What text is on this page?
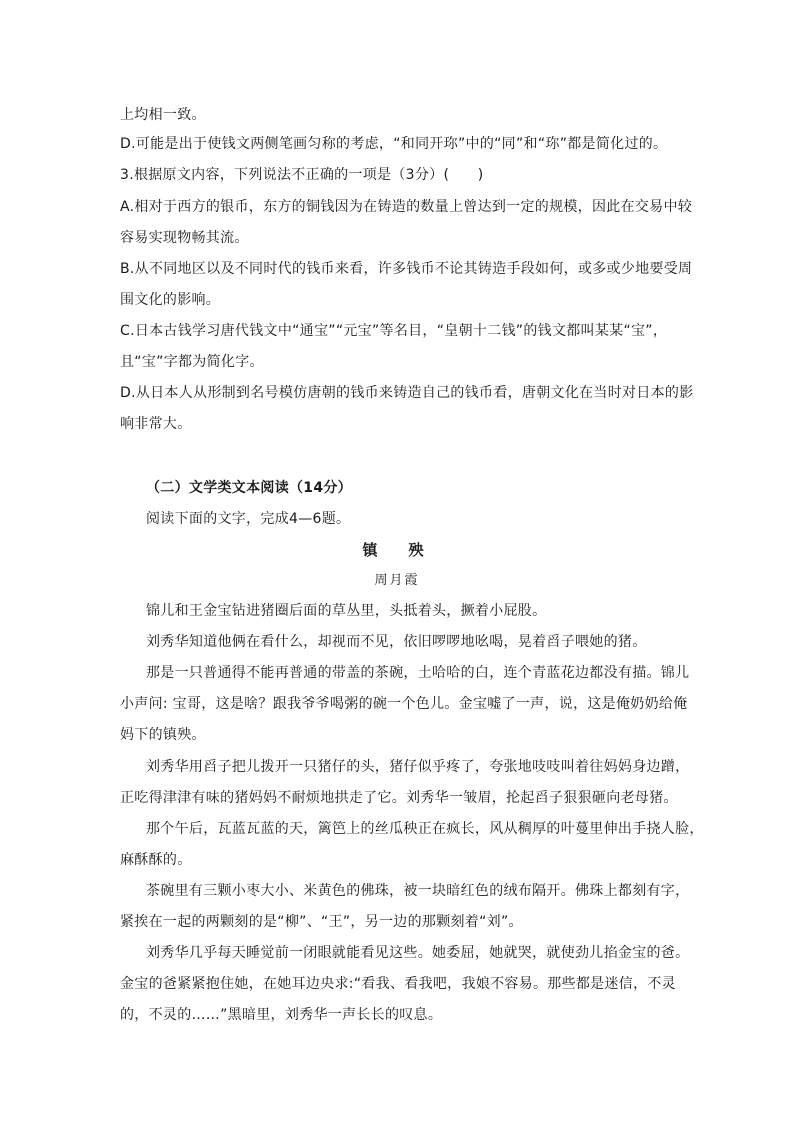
上均相一致。
D.可能是出于使钱文两侧笔画匀称的考虑，“和同开珎”中的“同”和“珎”都是简化过的。
3.根据原文内容，下列说法不正确的一项是（3分）(      )
A.相对于西方的银币，东方的铜钱因为在铸造的数量上曾达到一定的规模，因此在交易中较
容易实现物畅其流。
B.从不同地区以及不同时代的钱币来看，许多钱币不论其铸造手段如何，或多或少地要受周
围文化的影响。
C.日本古钱学习唐代钱文中“通宝”“元宝”等名目，“皇朝十二钱”的钱文都叫某某“宝”，
且“宝”字都为简化字。
D.从日本人从形制到名号模仿唐朝的钱币来铸造自己的钱币看，唐朝文化在当时对日本的影
响非常大。
（二）文学类文本阅读（14分）
阅读下面的文字，完成4—6题。
镇　殃
周月霞
锦儿和王金宝钻进猪圈后面的草丛里，头抵着头，撅着小屁股。
刘秀华知道他俩在看什么，却视而不见，依旧啰啰地吆喝，晃着舀子喂她的猪。
那是一只普通得不能再普通的带盖的茶碗，土哈哈的白，连个青蓝花边都没有描。锦儿
小声问: 宝哥，这是啥？跟我爷爷喝粥的碗一个色儿。金宝嘘了一声，说，这是俺奶奶给俺
妈下的镇殃。
刘秀华用舀子把儿拨开一只猪仔的头，猪仔似乎疼了，夸张地吱吱叫着往妈妈身边蹭，
正吃得津津有味的猪妈妈不耐烦地拱走了它。刘秀华一皱眉，抡起舀子狠狠砸向老母猪。
那个午后，瓦蓝瓦蓝的天，篱笆上的丝瓜秧正在疯长，风从稠厚的叶蔓里伸出手挠人脸，
麻酥酥的。
茶碗里有三颗小枣大小、米黄色的佛珠，被一块暗红色的绒布隔开。佛珠上都刻有字，
紧挨在一起的两颗刻的是“柳”、“王”，另一边的那颗刻着“刘”。
刘秀华几乎每天睡觉前一闭眼就能看见这些。她委屈，她就哭，就使劲儿掐金宝的爸。
金宝的爸紧紧抱住她，在她耳边央求:“看我、看我吧，我娘不容易。那些都是迷信，不灵
的，不灵的……”黑暗里，刘秀华一声长长的叹息。
